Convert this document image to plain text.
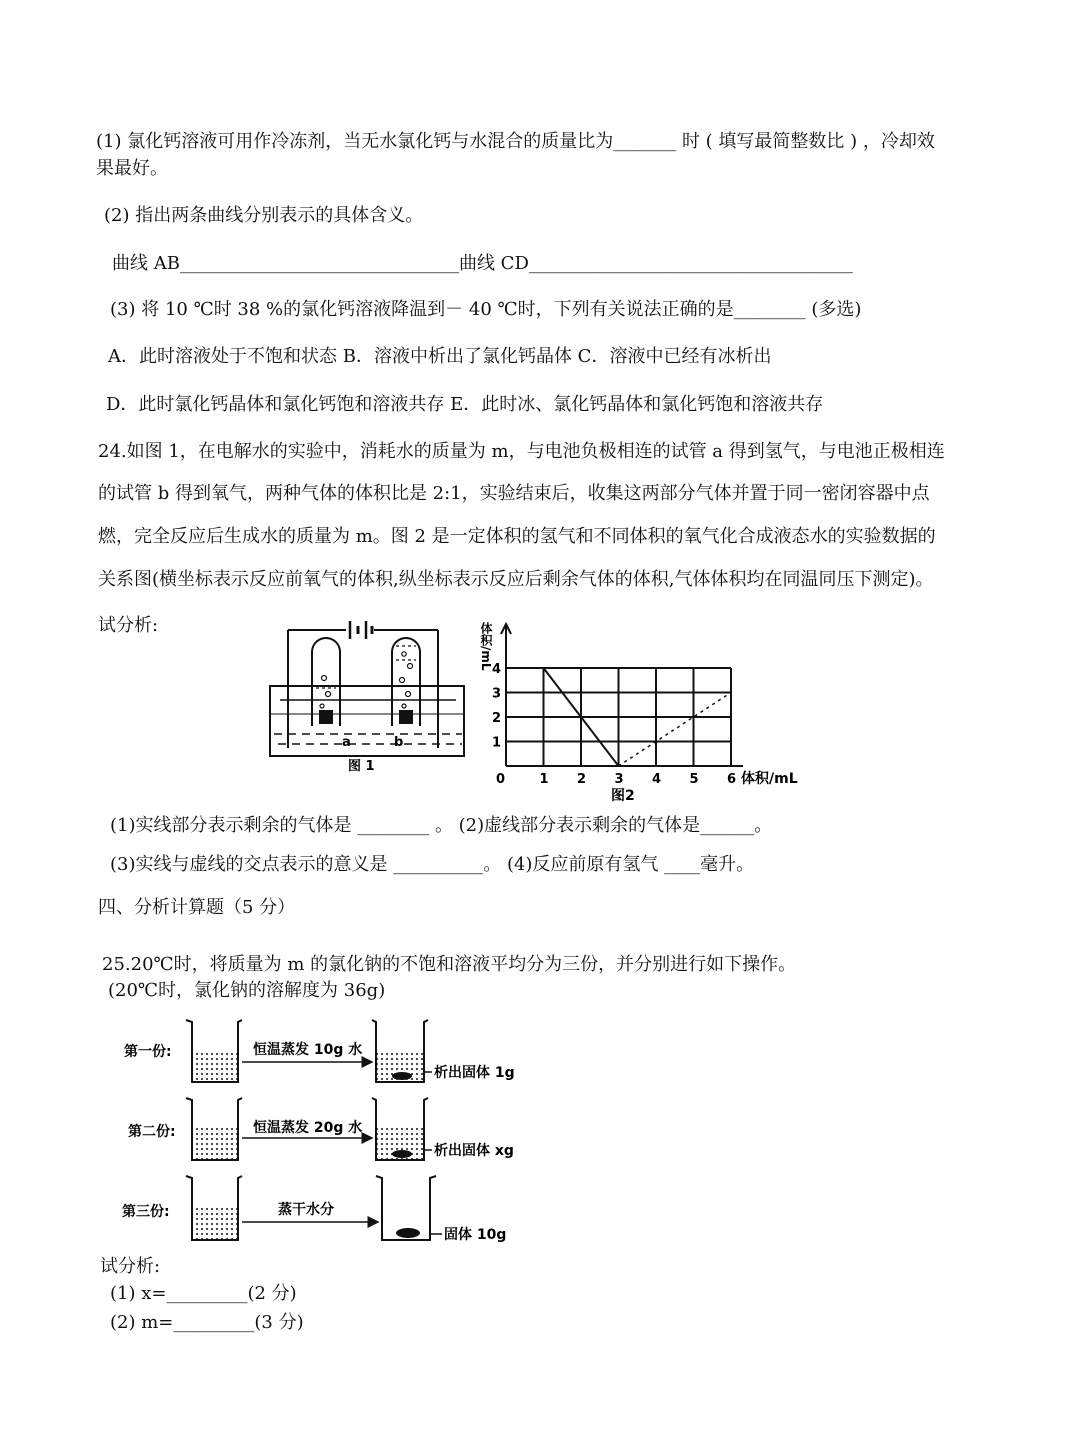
(1) 氯化钙溶液可用作冷冻剂，当无水氯化钙与水混合的质量比为_______ 时 ( 填写最简整数比 ) ，冷却效
果最好。
(2) 指出两条曲线分别表示的具体含义。
曲线 AB_______________________________曲线 CD____________________________________
(3) 将 10 ℃时 38 %的氯化钙溶液降温到－ 40 ℃时，下列有关说法正确的是________ (多选)
A．此时溶液处于不饱和状态 B．溶液中析出了氯化钙晶体 C．溶液中已经有冰析出
D．此时氯化钙晶体和氯化钙饱和溶液共存 E．此时冰、氯化钙晶体和氯化钙饱和溶液共存
24.如图 1，在电解水的实验中，消耗水的质量为 m，与电池负极相连的试管 a 得到氢气，与电池正极相连
的试管 b 得到氧气，两种气体的体积比是 2:1，实验结束后，收集这两部分气体并置于同一密闭容器中点
燃，完全反应后生成水的质量为 m。图 2 是一定体积的氢气和不同体积的氧气化合成液态水的实验数据的
关系图(横坐标表示反应前氧气的体积,纵坐标表示反应后剩余气体的体积,气体体积均在同温同压下测定)。
试分析:
a	b
图 1
0	1 2 3 4 5 6
1
2
3
4
体积/mL
体积/mL
图2
(1)实线部分表示剩余的气体是 ________ 。 (2)虚线部分表示剩余的气体是______。
(3)实线与虚线的交点表示的意义是 __________。 (4)反应前原有氢气 ____毫升。
四、分析计算题（5 分）
25.20℃时，将质量为 m 的氯化钠的不饱和溶液平均分为三份，并分别进行如下操作。
(20℃时，氯化钠的溶解度为 36g)
第一份:	恒温蒸发 10g 水
析出固体 1g
第二份:	恒温蒸发 20g 水
析出固体 xg
第三份:	蒸干水分
固体 10g
试分析:
(1) x=_________(2 分)
(2) m=_________(3 分)
